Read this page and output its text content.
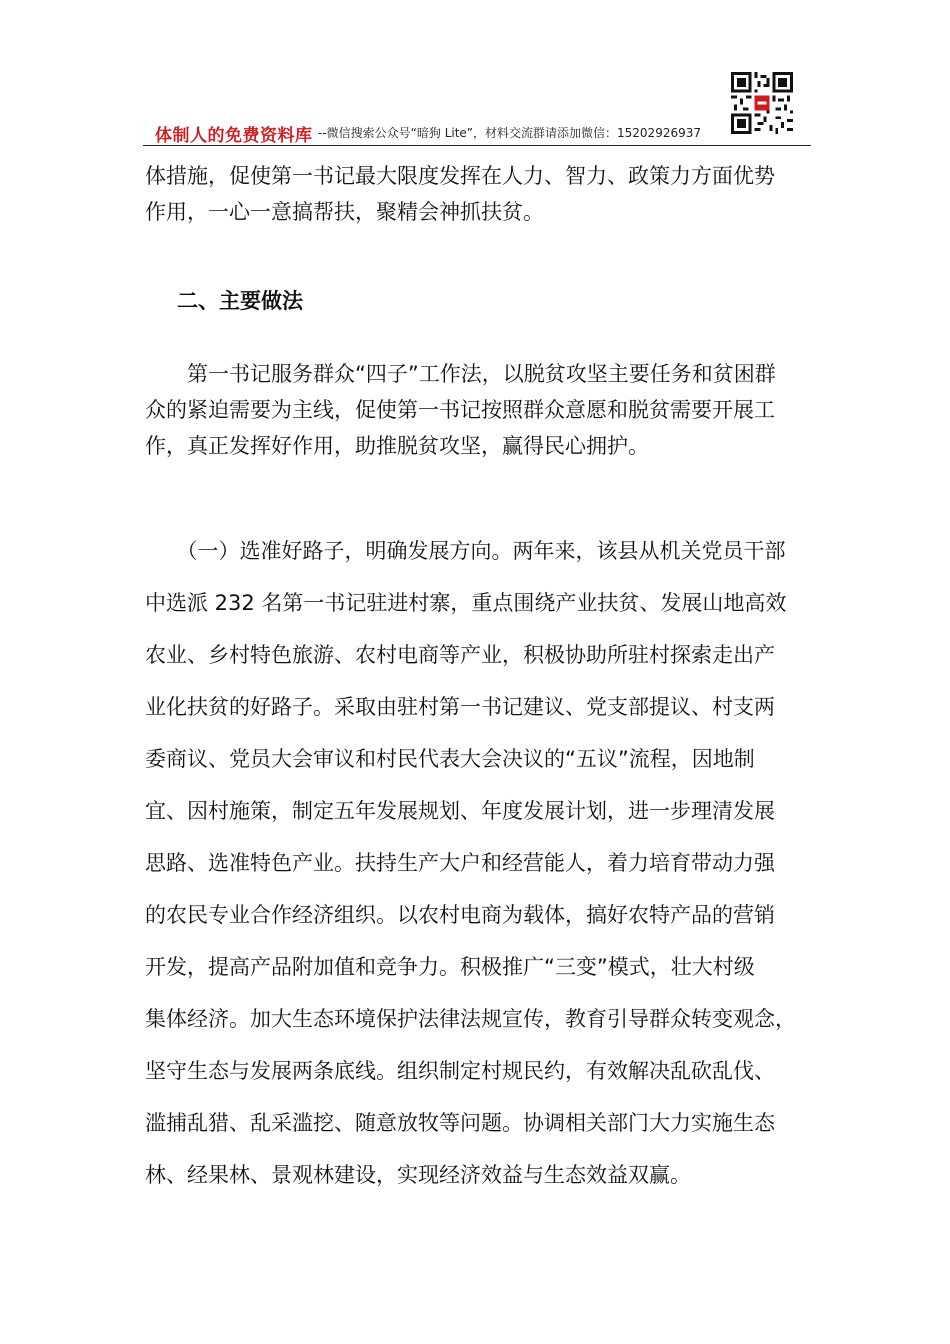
体制人的免费资料库 --微信搜索公众号“暗狗 Lite”，材料交流群请添加微信：15202926937
体措施，促使第一书记最大限度发挥在人力、智力、政策力方面优势
作用，一心一意搞帮扶，聚精会神抓扶贫。
二、主要做法
　　第一书记服务群众“四子”工作法，以脱贫攻坚主要任务和贫困群
众的紧迫需要为主线，促使第一书记按照群众意愿和脱贫需要开展工
作，真正发挥好作用，助推脱贫攻坚，赢得民心拥护。
　　（一）选准好路子，明确发展方向。两年来，该县从机关党员干部
中选派 232 名第一书记驻进村寨，重点围绕产业扶贫、发展山地高效
农业、乡村特色旅游、农村电商等产业，积极协助所驻村探索走出产
业化扶贫的好路子。采取由驻村第一书记建议、党支部提议、村支两
委商议、党员大会审议和村民代表大会决议的“五议”流程，因地制
宜、因村施策，制定五年发展规划、年度发展计划，进一步理清发展
思路、选准特色产业。扶持生产大户和经营能人，着力培育带动力强
的农民专业合作经济组织。以农村电商为载体，搞好农特产品的营销
开发，提高产品附加值和竞争力。积极推广“三变”模式，壮大村级
集体经济。加大生态环境保护法律法规宣传，教育引导群众转变观念，
坚守生态与发展两条底线。组织制定村规民约，有效解决乱砍乱伐、
滥捕乱猎、乱采滥挖、随意放牧等问题。协调相关部门大力实施生态
林、经果林、景观林建设，实现经济效益与生态效益双赢。
